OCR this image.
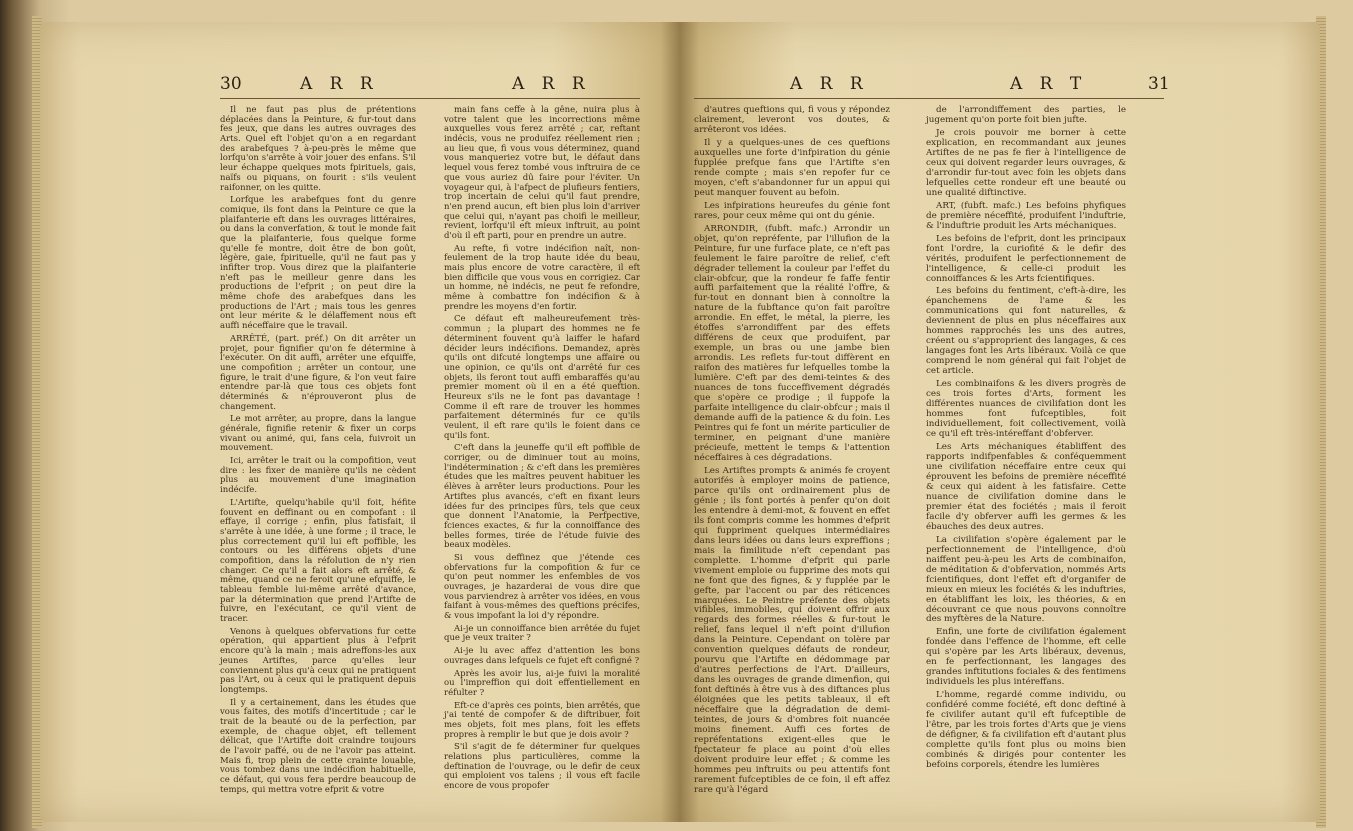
30	A R R	A R R

Il ne faut pas plus de prétentions déplacées dans la Peinture, & fur-tout dans fes jeux, que dans les autres ouvrages des Arts. Quel eft l'objet qu'on a en regardant des arabefques ? à-peu-près le même que lorfqu'on s'arrête à voir jouer des enfans. S'il leur échappe quelques mots fpirituels, gais, naïfs ou piquans, on fourit : s'ils veulent raifonner, on les quitte.

Lorfque les arabefques font du genre comique, ils font dans la Peinture ce que la plaifanterie eft dans les ouvrages littéraires, ou dans la converfation, & tout le monde fait que la plaifanterie, fous quelque forme qu'elle fe montre, doit être de bon goût, légère, gaie, fpirituelle, qu'il ne faut pas y infifter trop. Vous direz que la plaifanterie n'eft pas le meilleur genre dans les productions de l'efprit ; on peut dire la même chofe des arabefques dans les productions de l'Art ; mais tous les genres ont leur mérite & le délaffement nous eft auffi néceffaire que le travail.

ARRÊTÉ, (part. préf.) On dit arrêter un projet, pour fignifier qu'on fe détermine à l'exécuter. On dit auffi, arrêter une efquiffe, une compofition ; arrêter un contour, une figure, le trait d'une figure, & l'on veut faire entendre par-là que tous ces objets font déterminés & n'éprouveront plus de changement.

Le mot arrêter, au propre, dans la langue générale, fignifie retenir & fixer un corps vivant ou animé, qui, fans cela, fuivroit un mouvement.

Ici, arrêter le trait ou la compofition, veut dire : les fixer de manière qu'ils ne cèdent plus au mouvement d'une imagination indécife.

L'Artifte, quelqu'habile qu'il foit, héfite fouvent en deffinant ou en compofant : il effaye, il corrige ; enfin, plus fatisfait, il s'arrête à une idée, à une forme ; il trace, le plus correctement qu'il lui eft poffible, les contours ou les différens objets d'une compofition, dans la réfolution de n'y rien changer. Ce qu'il a fait alors eft arrêté, & même, quand ce ne feroit qu'une efquiffe, le tableau femble lui-même arrêté d'avance, par la détermination que prend l'Artifte de fuivre, en l'exécutant, ce qu'il vient de tracer.

Venons à quelques obfervations fur cette opération, qui appartient plus à l'efprit encore qu'à la main ; mais adreffons-les aux jeunes Artiftes, parce qu'elles leur conviennent plus qu'à ceux qui ne pratiquent pas l'Art, ou à ceux qui le pratiquent depuis longtemps.

Il y a certainement, dans les études que vous faites, des motifs d'incertitude ; car le trait de la beauté ou de la perfection, par exemple, de chaque objet, eft tellement délicat, que l'Artifte doit craindre toujours de l'avoir paffé, ou de ne l'avoir pas atteint. Mais fi, trop plein de cette crainte louable, vous tombez dans une indécifion habituelle, ce défaut, qui vous fera perdre beaucoup de temps, qui mettra votre efprit & votre

main fans ceffe à la gêne, nuira plus à votre talent que les incorrections même auxquelles vous ferez arrêté ; car, reftant indécis, vous ne produifez réellement rien ; au lieu que, fi vous vous déterminez, quand vous manqueriez votre but, le défaut dans lequel vous ferez tombé vous inftruira de ce que vous auriez dû faire pour l'éviter. Un voyageur qui, à l'afpect de plufieurs fentiers, trop incertain de celui qu'il faut prendre, n'en prend aucun, eft bien plus loin d'arriver que celui qui, n'ayant pas choifi le meilleur, revient, lorfqu'il eft mieux inftruit, au point d'où il eft parti, pour en prendre un autre.

Au refte, fi votre indécifion naît, non-feulement de la trop haute idée du beau, mais plus encore de votre caractère, il eft bien difficile que vous vous en corrigiez. Car un homme, né indécis, ne peut fe refondre, même à combattre fon indécifion & à prendre les moyens d'en fortir.

Ce défaut eft malheureufement très-commun ; la plupart des hommes ne fe déterminent fouvent qu'à laiffer le hafard décider leurs indécifions. Demandez, après qu'ils ont difcuté longtemps une affaire ou une opinion, ce qu'ils ont d'arrêté fur ces objets, ils feront tout auffi embaraffés qu'au premier moment où il en a été queftion. Heureux s'ils ne le font pas davantage ! Comme il eft rare de trouver les hommes parfaitement déterminés fur ce qu'ils veulent, il eft rare qu'ils le foient dans ce qu'ils font.

C'eft dans la jeuneffe qu'il eft poffible de corriger, ou de diminuer tout au moins, l'indétermination ; & c'eft dans les premières études que les maîtres peuvent habituer les élèves à arrêter leurs productions. Pour les Artiftes plus avancés, c'eft en fixant leurs idées fur des principes fûrs, tels que ceux que donnent l'Anatomie, la Perfpective, fciences exactes, & fur la connoiffance des belles formes, tirée de l'étude fuivie des beaux modèles.

Si vous deffinez que j'étende ces obfervations fur la compofition & fur ce qu'on peut nommer les enfembles de vos ouvrages, je hazarderai de vous dire que vous parviendrez à arrêter vos idées, en vous faifant à vous-mêmes des queftions précifes, & vous impofant la loi d'y répondre.

Ai-je un connoiffance bien arrêtée du fujet que je veux traiter ?

Ai-je lu avec affez d'attention les bons ouvrages dans lefquels ce fujet eft configné ?

Après les avoir lus, ai-je fuivi la moralité ou l'impreffion qui doit effentiellement en réfulter ?

Eft-ce d'après ces points, bien arrêtés, que j'ai tenté de compofer & de diftribuer, foit mes objets, foit mes plans, foit les effets propres à remplir le but que je dois avoir ?

S'il s'agit de fe déterminer fur quelques relations plus particulières, comme la deftination de l'ouvrage, ou le defir de ceux qui emploient vos talens ; il vous eft facile encore de vous propofer

A R R	A R T	31

d'autres queftions qui, fi vous y répondez clairement, leveront vos doutes, & arrêteront vos idées.

Il y a quelques-unes de ces queftions auxquelles une forte d'infpiration du génie fupplée prefque fans que l'Artifte s'en rende compte ; mais s'en repofer fur ce moyen, c'eft s'abandonner fur un appui qui peut manquer fouvent au befoin.

Les infpirations heureufes du génie font rares, pour ceux même qui ont du génie.

ARRONDIR, (fubft. mafc.) Arrondir un objet, qu'on repréfente, par l'illufion de la Peinture, fur une furface plate, ce n'eft pas feulement le faire paroître de relief, c'eft dégrader tellement la couleur par l'effet du clair-obfcur, que la rondeur fe faffe fentir auffi parfaitement que la réalité l'offre, & fur-tout en donnant bien à connoître la nature de la fubftance qu'on fait paroître arrondie. En effet, le métal, la pierre, les étoffes s'arrondiffent par des effets différens de ceux que produifent, par exemple, un bras ou une jambe bien arrondis. Les reflets fur-tout diffèrent en raifon des matières fur lefquelles tombe la lumière. C'eft par des demi-teintes & des nuances de tons fucceffivement dégradés que s'opère ce prodige ; il fuppofe la parfaite intelligence du clair-obfcur ; mais il demande auffi de la patience & du foin. Les Peintres qui fe font un mérite particulier de terminer, en peignant d'une manière précieufe, mettent le temps & l'attention néceffaires à ces dégradations.

Les Artiftes prompts & animés fe croyent autorifés à employer moins de patience, parce qu'ils ont ordinairement plus de génie ; ils font portés à penfer qu'on doit les entendre à demi-mot, & fouvent en effet ils font compris comme les hommes d'efprit qui fuppriment quelques intermédiaires dans leurs idées ou dans leurs expreffions ; mais la fimilitude n'eft cependant pas complette. L'homme d'efprit qui parle vivement emploie ou fupprime des mots qui ne font que des fignes, & y fupplée par le gefte, par l'accent ou par des réticences marquées. Le Peintre préfente des objets vifibles, immobiles, qui doivent offrir aux regards des formes réelles & fur-tout le relief, fans lequel il n'eft point d'illufion dans la Peinture. Cependant on tolère par convention quelques défauts de rondeur, pourvu que l'Artifte en dédommage par d'autres perfections de l'Art. D'ailleurs, dans les ouvrages de grande dimenfion, qui font deftinés à être vus à des diftances plus éloignées que les petits tableaux, il eft néceffaire que la dégradation de demi-teintes, de jours & d'ombres foit nuancée moins finement. Auffi ces fortes de repréfentations exigent-elles que le fpectateur fe place au point d'où elles doivent produire leur effet ; & comme les hommes peu inftruits ou peu attentifs font rarement fufceptibles de ce foin, il eft affez rare qu'à l'égard

de l'arrondiffement des parties, le jugement qu'on porte foit bien jufte.

Je crois pouvoir me borner à cette explication, en recommandant aux jeunes Artiftes de ne pas fe fier à l'intelligence de ceux qui doivent regarder leurs ouvrages, & d'arrondir fur-tout avec foin les objets dans lefquelles cette rondeur eft une beauté ou une qualité diftinctive.

ART, (fubft. mafc.) Les befoins phyfiques de première néceffité, produifent l'induftrie, & l'induftrie produit les Arts méchaniques.

Les befoins de l'efprit, dont les principaux font l'ordre, la curiofité & le defir des vérités, produifent le perfectionnement de l'intelligence, & celle-ci produit les connoiffances & les Arts fcientifiques.

Les befoins du fentiment, c'eft-à-dire, les épanchemens de l'ame & les communications qui font naturelles, & deviennent de plus en plus néceffaires aux hommes rapprochés les uns des autres, créent ou s'approprient des langages, & ces langages font les Arts libéraux. Voilà ce que comprend le nom général qui fait l'objet de cet article.

Les combinaifons & les divers progrès de ces trois fortes d'Arts, forment les différentes nuances de civilifation dont les hommes font fufceptibles, foit individuellement, foit collectivement, voilà ce qu'il eft très-intéreffant d'obferver.

Les Arts méchaniques établiffent des rapports indifpenfables & conféquemment une civilifation néceffaire entre ceux qui éprouvent les befoins de première néceffité & ceux qui aident à les fatisfaire. Cette nuance de civilifation domine dans le premier état des fociétés ; mais il feroit facile d'y obferver auffi les germes & les ébauches des deux autres.

La civilifation s'opère également par le perfectionnement de l'intelligence, d'où naiffent peu-à-peu les Arts de combinaifon, de méditation & d'obfervation, nommés Arts fcientifiques, dont l'effet eft d'organifer de mieux en mieux les fociétés & les induftries, en établiffant les loix, les théories, & en découvrant ce que nous pouvons connoître des myftères de la Nature.

Enfin, une forte de civilifation également fondée dans l'effence de l'homme, eft celle qui s'opère par les Arts libéraux, devenus, en fe perfectionnant, les langages des grandes inftitutions fociales & des fentimens individuels les plus intéreffans.

L'homme, regardé comme individu, ou confidéré comme fociété, eft donc deftiné à fe civilifer autant qu'il eft fufceptible de l'être, par les trois fortes d'Arts que je viens de défigner, & fa civilifation eft d'autant plus complette qu'ils font plus ou moins bien combinés & dirigés pour contenter les befoins corporels, étendre les lumières
